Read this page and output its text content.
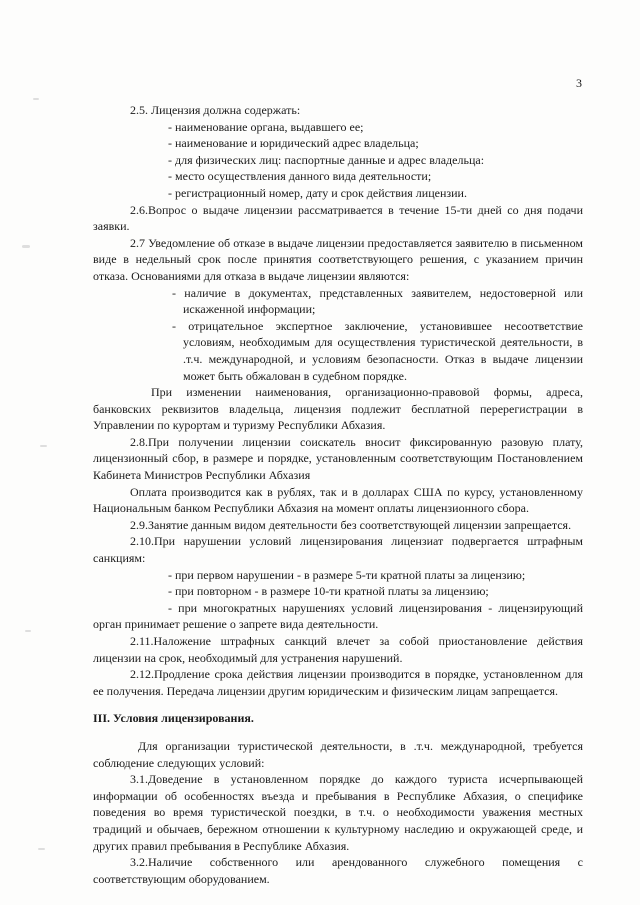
3

2.5. Лицензия должна содержать:

- наименование органа, выдавшего ее;

- наименование и юридический адрес владельца;

- для физических лиц: паспортные данные и адрес владельца:

- место осуществления данного вида деятельности;

- регистрационный номер, дату и срок действия лицензии.

2.6.Вопрос о выдаче лицензии рассматривается в течение 15-ти дней со дня подачи заявки.

2.7 Уведомление об отказе в выдаче лицензии предоставляется заявителю в письменном виде в недельный срок после принятия соответствующего решения, с указанием причин отказа. Основаниями для отказа в выдаче лицензии являются:

- наличие в документах, представленных заявителем, недостоверной или искаженной информации;

- отрицательное экспертное заключение, установившее несоответствие условиям, необходимым для осуществления туристической деятельности, в .т.ч. международной, и условиям безопасности. Отказ в выдаче лицензии может быть обжалован в судебном порядке.

При изменении наименования, организационно-правовой формы, адреса, банковских реквизитов владельца, лицензия подлежит бесплатной перерегистрации в Управлении по курортам и туризму Республики Абхазия.

2.8.При получении лицензии соискатель вносит фиксированную разовую плату, лицензионный сбор, в размере и порядке, установленным соответствующим Постановлением Кабинета Министров Республики Абхазия

Оплата производится как в рублях, так и в долларах США по курсу, установленному Национальным банком Республики Абхазия на момент оплаты лицензионного сбора.

2.9.Занятие данным видом деятельности без соответствующей лицензии запрещается.

2.10.При нарушении условий лицензирования лицензиат подвергается штрафным санкциям:

- при первом нарушении - в размере 5-ти кратной платы за лицензию;

- при повторном - в размере 10-ти кратной платы за лицензию;

- при многократных нарушениях условий лицензирования - лицензирующий орган принимает решение о запрете вида деятельности.

2.11.Наложение штрафных санкций влечет за собой приостановление действия лицензии на срок, необходимый для устранения нарушений.

2.12.Продление срока действия лицензии производится в порядке, установленном для ее получения. Передача лицензии другим юридическим и физическим лицам запрещается.

III. Условия лицензирования.

Для организации туристической деятельности, в .т.ч. международной, требуется соблюдение следующих условий:

3.1.Доведение в установленном порядке до каждого туриста исчерпывающей информации об особенностях въезда и пребывания в Республике Абхазия, о специфике поведения во время туристической поездки, в т.ч. о необходимости уважения местных традиций и обычаев, бережном отношении к культурному наследию и окружающей среде, и других правил пребывания в Республике Абхазия.

3.2.Наличие собственного или арендованного служебного помещения с соответствующим оборудованием.
